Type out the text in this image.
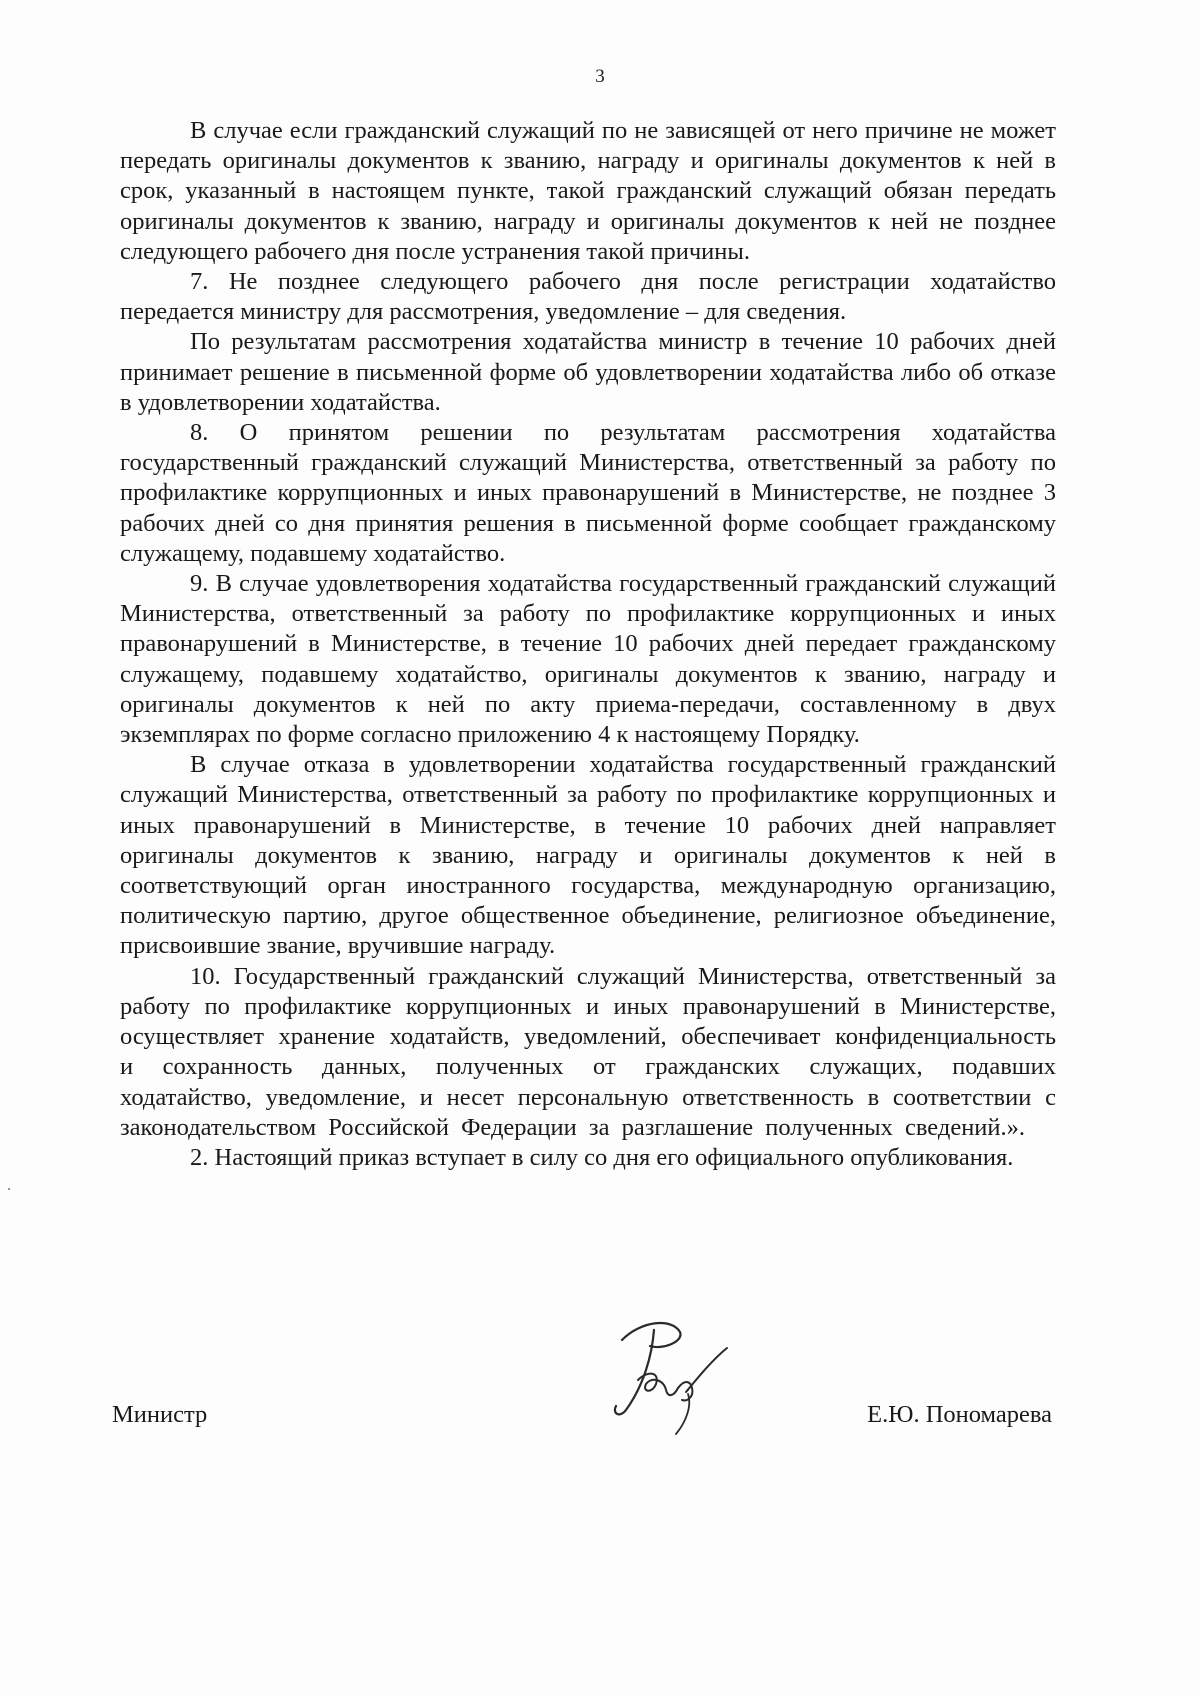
3

В случае если гражданский служащий по не зависящей от него причине не может передать оригиналы документов к званию, награду и оригиналы документов к ней в срок, указанный в настоящем пункте, такой гражданский служащий обязан передать оригиналы документов к званию, награду и оригиналы документов к ней не позднее следующего рабочего дня после устранения такой причины.

7. Не позднее следующего рабочего дня после регистрации ходатайство передается министру для рассмотрения, уведомление – для сведения.

По результатам рассмотрения ходатайства министр в течение 10 рабочих дней принимает решение в письменной форме об удовлетворении ходатайства либо об отказе в удовлетворении ходатайства.

8. О принятом решении по результатам рассмотрения ходатайства государственный гражданский служащий Министерства, ответственный за работу по профилактике коррупционных и иных правонарушений в Министерстве, не позднее 3 рабочих дней со дня принятия решения в письменной форме сообщает гражданскому служащему, подавшему ходатайство.

9. В случае удовлетворения ходатайства государственный гражданский служащий Министерства, ответственный за работу по профилактике коррупционных и иных правонарушений в Министерстве, в течение 10 рабочих дней передает гражданскому служащему, подавшему ходатайство, оригиналы документов к званию, награду и оригиналы документов к ней по акту приема-передачи, составленному в двух экземплярах по форме согласно приложению 4 к настоящему Порядку.

В случае отказа в удовлетворении ходатайства государственный гражданский служащий Министерства, ответственный за работу по профилактике коррупционных и иных правонарушений в Министерстве, в течение 10 рабочих дней направляет оригиналы документов к званию, награду и оригиналы документов к ней в соответствующий орган иностранного государства, международную организацию, политическую партию, другое общественное объединение, религиозное объединение, присвоившие звание, вручившие награду.

10. Государственный гражданский служащий Министерства, ответственный за работу по профилактике коррупционных и иных правонарушений в Министерстве, осуществляет хранение ходатайств, уведомлений, обеспечивает конфиденциальность и сохранность данных, полученных от гражданских служащих, подавших ходатайство, уведомление, и несет персональную ответственность в соответствии с законодательством Российской Федерации за разглашение полученных сведений.».

2. Настоящий приказ вступает в силу со дня его официального опубликования.

Министр	Е.Ю. Пономарева
